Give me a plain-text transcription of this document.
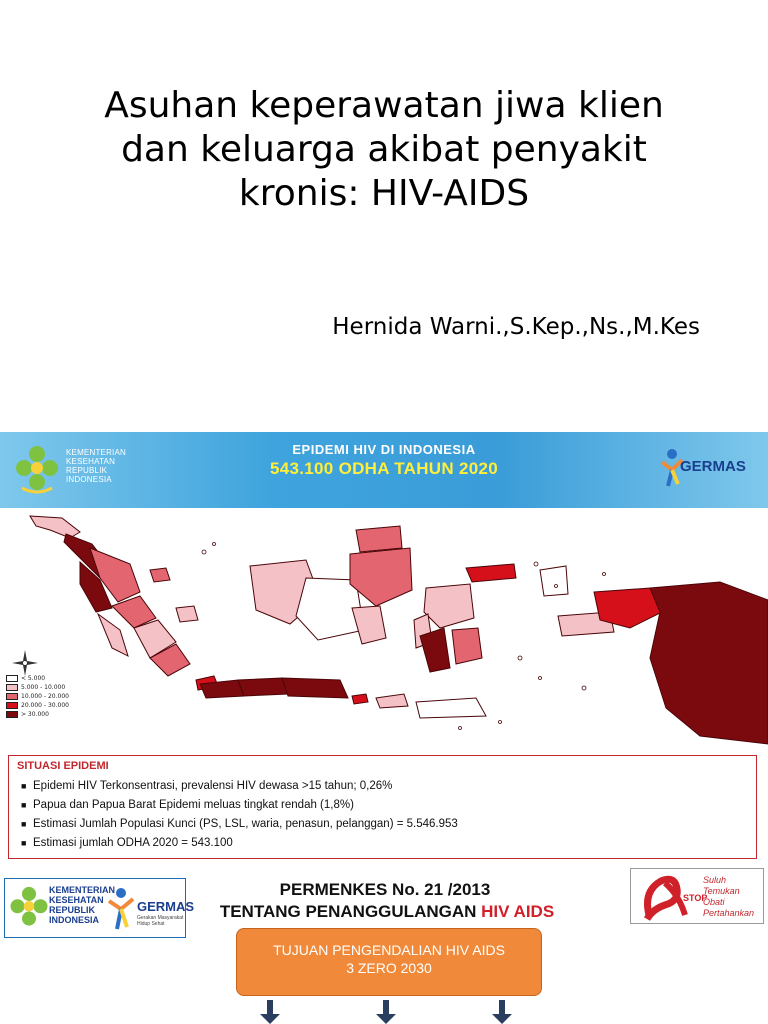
Asuhan keperawatan jiwa klien
dan keluarga akibat penyakit
kronis: HIV-AIDS
Hernida Warni.,S.Kep.,Ns.,M.Kes
KEMENTERIAN
KESEHATAN
REPUBLIK
INDONESIA
EPIDEMI HIV DI INDONESIA
543.100 ODHA TAHUN 2020	GERMAS
< 5.000
5.000 - 10.000
10.000 - 20.000
20.000 - 30.000
> 30.000
SITUASI EPIDEMI
■ Epidemi HIV Terkonsentrasi, prevalensi HIV dewasa >15 tahun; 0,26%
■ Papua dan Papua Barat Epidemi meluas tingkat rendah (1,8%)
■ Estimasi Jumlah Populasi Kunci (PS, LSL, waria, penasun, pelanggan) = 5.546.953
■ Estimasi jumlah ODHA 2020 = 543.100
KEMENTERIAN
KESEHATAN
REPUBLIK
INDONESIA
GERMAS
Gerakan Masyarakat Hidup Sehat
PERMENKES No. 21 /2013
TENTANG PENANGGULANGAN HIV AIDS
STOP
Suluh
Temukan
Obati
Pertahankan
TUJUAN PENGENDALIAN HIV AIDS
3 ZERO 2030
